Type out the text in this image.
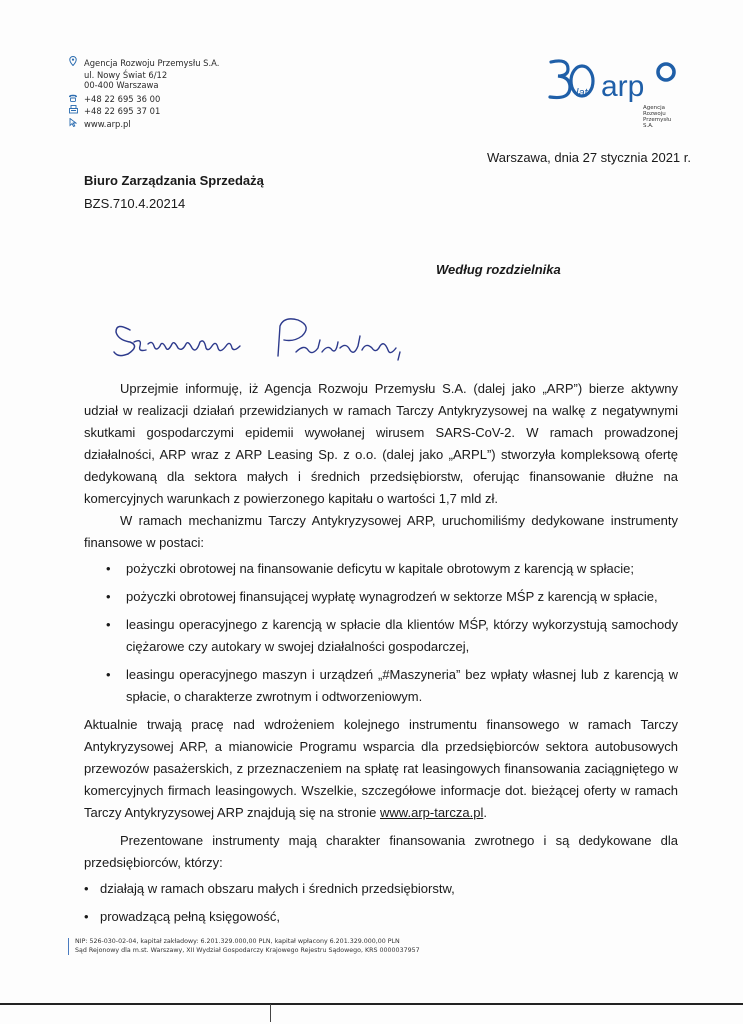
Agencja Rozwoju Przemysłu S.A.
ul. Nowy Świat 6/12
00-400 Warszawa
+48 22 695 36 00
+48 22 695 37 01
www.arp.pl
lat arp
Agencja
Rozwoju
Przemysłu
S.A.
Warszawa, dnia 27 stycznia 2021 r.
Biuro Zarządzania Sprzedażą
BZS.710.4.20214
Według rozdzielnika

Uprzejmie informuję, iż Agencja Rozwoju Przemysłu S.A. (dalej jako „ARP”) bierze aktywny udział w realizacji działań przewidzianych w ramach Tarczy Antykryzysowej na walkę z negatywnymi skutkami gospodarczymi epidemii wywołanej wirusem SARS-CoV-2. W ramach prowadzonej działalności, ARP wraz z ARP Leasing Sp. z o.o. (dalej jako „ARPL”) stworzyła kompleksową ofertę dedykowaną dla sektora małych i średnich przedsiębiorstw, oferując finansowanie dłużne na komercyjnych warunkach z powierzonego kapitału o wartości 1,7 mld zł.

W ramach mechanizmu Tarczy Antykryzysowej ARP, uruchomiliśmy dedykowane instrumenty finansowe w postaci:

• pożyczki obrotowej na finansowanie deficytu w kapitale obrotowym z karencją w spłacie;
• pożyczki obrotowej finansującej wypłatę wynagrodzeń w sektorze MŚP z karencją w spłacie,
• leasingu operacyjnego z karencją w spłacie dla klientów MŚP, którzy wykorzystują samochody ciężarowe czy autokary w swojej działalności gospodarczej,
• leasingu operacyjnego maszyn i urządzeń „#Maszyneria” bez wpłaty własnej lub z karencją w spłacie, o charakterze zwrotnym i odtworzeniowym.

Aktualnie trwają pracę nad wdrożeniem kolejnego instrumentu finansowego w ramach Tarczy Antykryzysowej ARP, a mianowicie Programu wsparcia dla przedsiębiorców sektora autobusowych przewozów pasażerskich, z przeznaczeniem na spłatę rat leasingowych finansowania zaciągniętego w komercyjnych firmach leasingowych. Wszelkie, szczegółowe informacje dot. bieżącej oferty w ramach Tarczy Antykryzysowej ARP znajdują się na stronie www.arp-tarcza.pl.

Prezentowane instrumenty mają charakter finansowania zwrotnego i są dedykowane dla przedsiębiorców, którzy:

• działają w ramach obszaru małych i średnich przedsiębiorstw,
• prowadzącą pełną księgowość,
NIP: 526-030-02-04, kapitał zakładowy: 6.201.329.000,00 PLN, kapitał wpłacony 6.201.329.000,00 PLN
Sąd Rejonowy dla m.st. Warszawy, XII Wydział Gospodarczy Krajowego Rejestru Sądowego, KRS 0000037957
